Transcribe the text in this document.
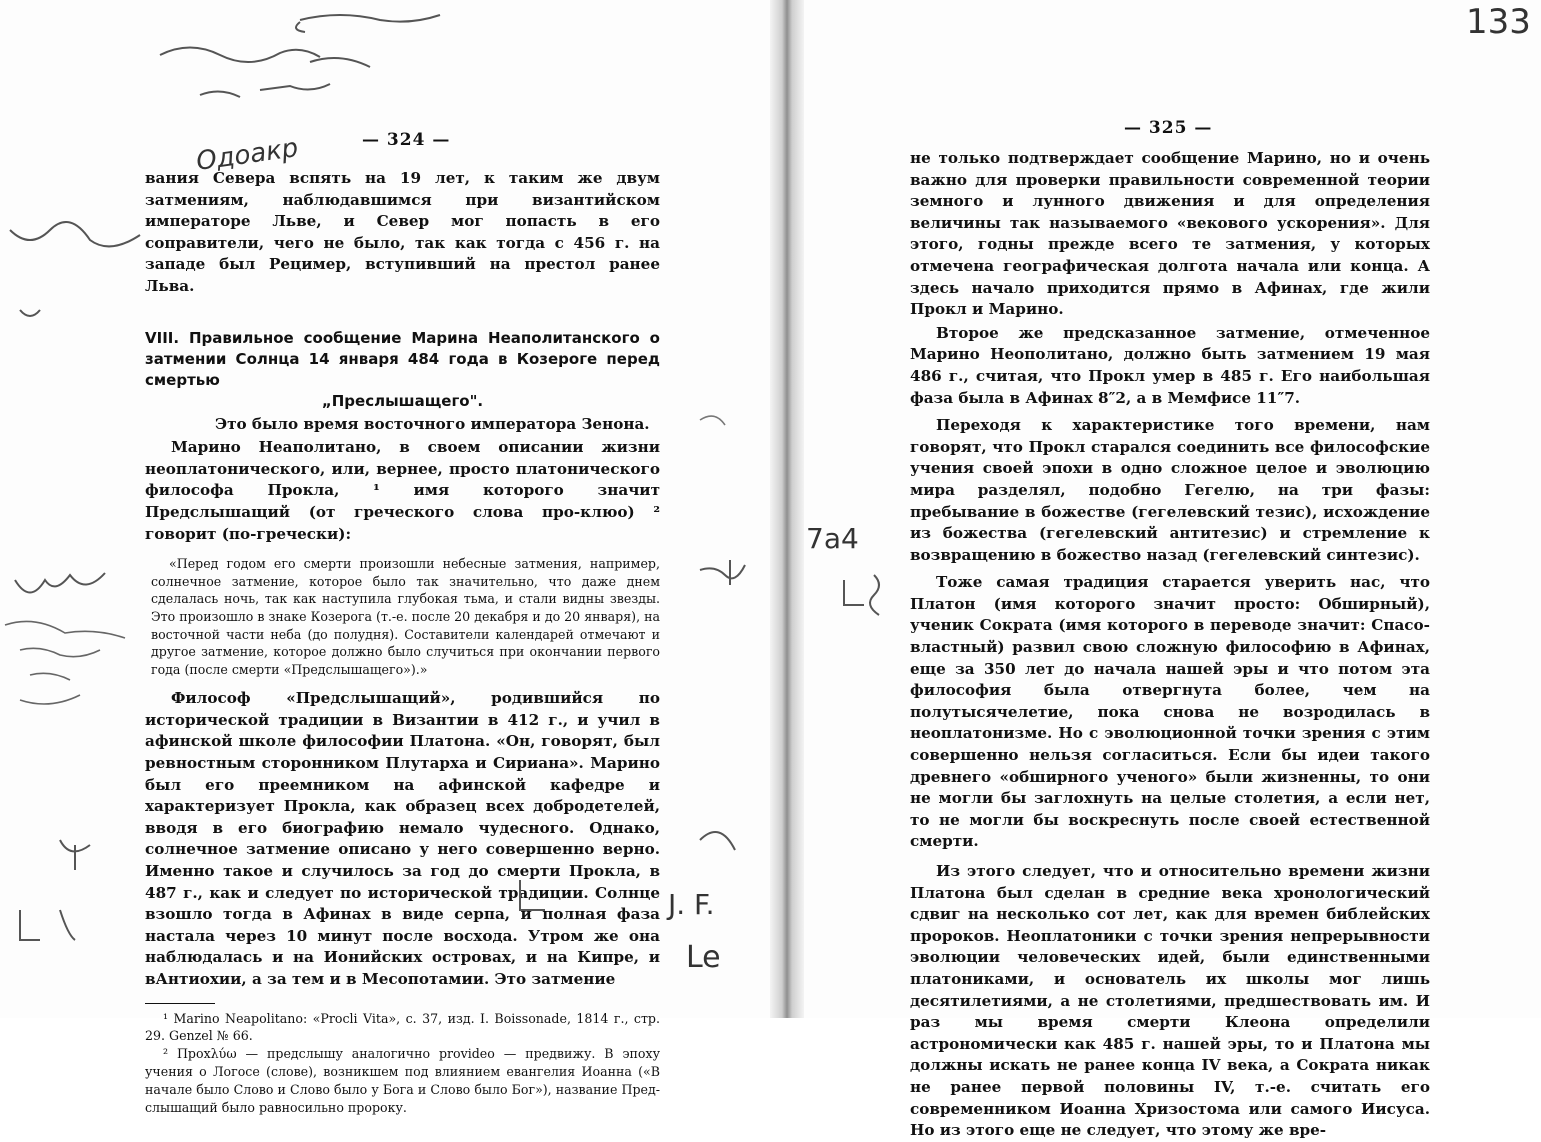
— 324 —

вания Севера вспять на 19 лет, к таким же двум затмениям, наблюдавшимся при византийском императоре Льве, и Север мог попасть в его соправители, чего не было, так как тогда с 456 г. на западе был Рецимер, вступивший на престол ранее Льва.

VIII. Правильное сообщение Марина Неаполитанского о затмении Солнца 14 января 484 года в Козероге перед смертью
„Преслышащего".

Это было время восточного императора Зенона.

Марино Неаполитано, в своем описании жизни неоплатонического, или, вернее, просто платонического философа Прокла, ¹ имя которого значит Предслышащий (от греческого слова про-клюо) ² говорит (по-гречески):

«Перед годом его смерти произошли небесные затмения, например, солнечное затмение, которое было так значительно, что даже днем сделалась ночь, так как наступила глубокая тьма, и стали видны звезды. Это произошло в знаке Козерога (т.-е. после 20 декабря и до 20 января), на восточной части неба (до полудня). Составители календарей отмечают и другое затмение, которое должно было случиться при окончании первого года (после смерти «Предслышащего»).»

Философ «Предслышащий», родившийся по исторической традиции в Византии в 412 г., и учил в афинской школе философии Платона. «Он, говорят, был ревностным сторонником Плутарха и Сириана». Марино был его преемником на афинской кафедре и характеризует Прокла, как образец всех добродетелей, вводя в его биографию немало чудесного. Однако, солнечное затмение описано у него совершенно верно. Именно такое и случилось за год до смерти Прокла, в 487 г., как и следует по исторической традиции. Солнце взошло тогда в Афинах в виде серпа, и полная фаза настала через 10 минут после восхода. Утром же она наблюдалась и на Ионийских островах, и на Кипре, и вАнтиохии, а за тем и в Месопотамии. Это затмение

¹ Marino Neapolitano: «Procli Vita», с. 37, изд. I. Boissonade, 1814 г., стр. 29. Genzel № 66.

² Прохλύω — предслышу аналогично provideo — предвижу. В эпоху учения о Логосе (слове), возникшем под влиянием евангелия Иоанна («В начале было Слово и Слово было у Бога и Слово было Бог»), название Пред-слышащий было равносильно пророку.

Одоакр
J. F.
Le
— 325 —

не только подтверждает сообщение Марино, но и очень важно для проверки правильности современной теории земного и лунного движения и для определения величины так называемого «векового ускорения». Для этого, годны прежде всего те затмения, у которых отмечена географическая долгота начала или конца. А здесь начало приходится прямо в Афинах, где жили Прокл и Марино.

Второе же предсказанное затмение, отмеченное Марино Неополитано, должно быть затмением 19 мая 486 г., считая, что Прокл умер в 485 г. Его наибольшая фаза была в Афинах 8″2, а в Мемфисе 11″7.

Переходя к характеристике того времени, нам говорят, что Прокл старался соединить все философские учения своей эпохи в одно сложное целое и эволюцию мира разделял, подобно Гегелю, на три фазы: пребывание в божестве (гегелевский тезис), исхождение из божества (гегелевский антитезис) и стремление к возвращению в божество назад (гегелевский синтезис).

Тоже самая традиция старается уверить нас, что Платон (имя которого значит просто: Обширный), ученик Сократа (имя которого в переводе значит: Спасо-властный) развил свою сложную философию в Афинах, еще за 350 лет до начала нашей эры и что потом эта философия была отвергнута более, чем на полутысячелетие, пока снова не возродилась в неоплатонизме. Но с эволюционной точки зрения с этим совершенно нельзя согласиться. Если бы идеи такого древнего «обширного ученого» были жизненны, то они не могли бы заглохнуть на целые столетия, а если нет, то не могли бы воскреснуть после своей естественной смерти.

Из этого следует, что и относительно времени жизни Платона был сделан в средние века хронологический сдвиг на несколько сот лет, как для времен библейских пророков. Неоплатоники с точки зрения непрерывности эволюции человеческих идей, были единственными платониками, и основатель их школы мог лишь десятилетиями, а не столетиями, предшествовать им. И раз мы время смерти Клеона определили астрономически как 485 г. нашей эры, то и Платона мы должны искать не ранее конца IV века, а Сократа никак не ранее первой половины IV, т.-е. считать его современником Иоанна Хризостома или самого Иисуса. Но из этого еще не следует, что этому же вре-

133
7а4
